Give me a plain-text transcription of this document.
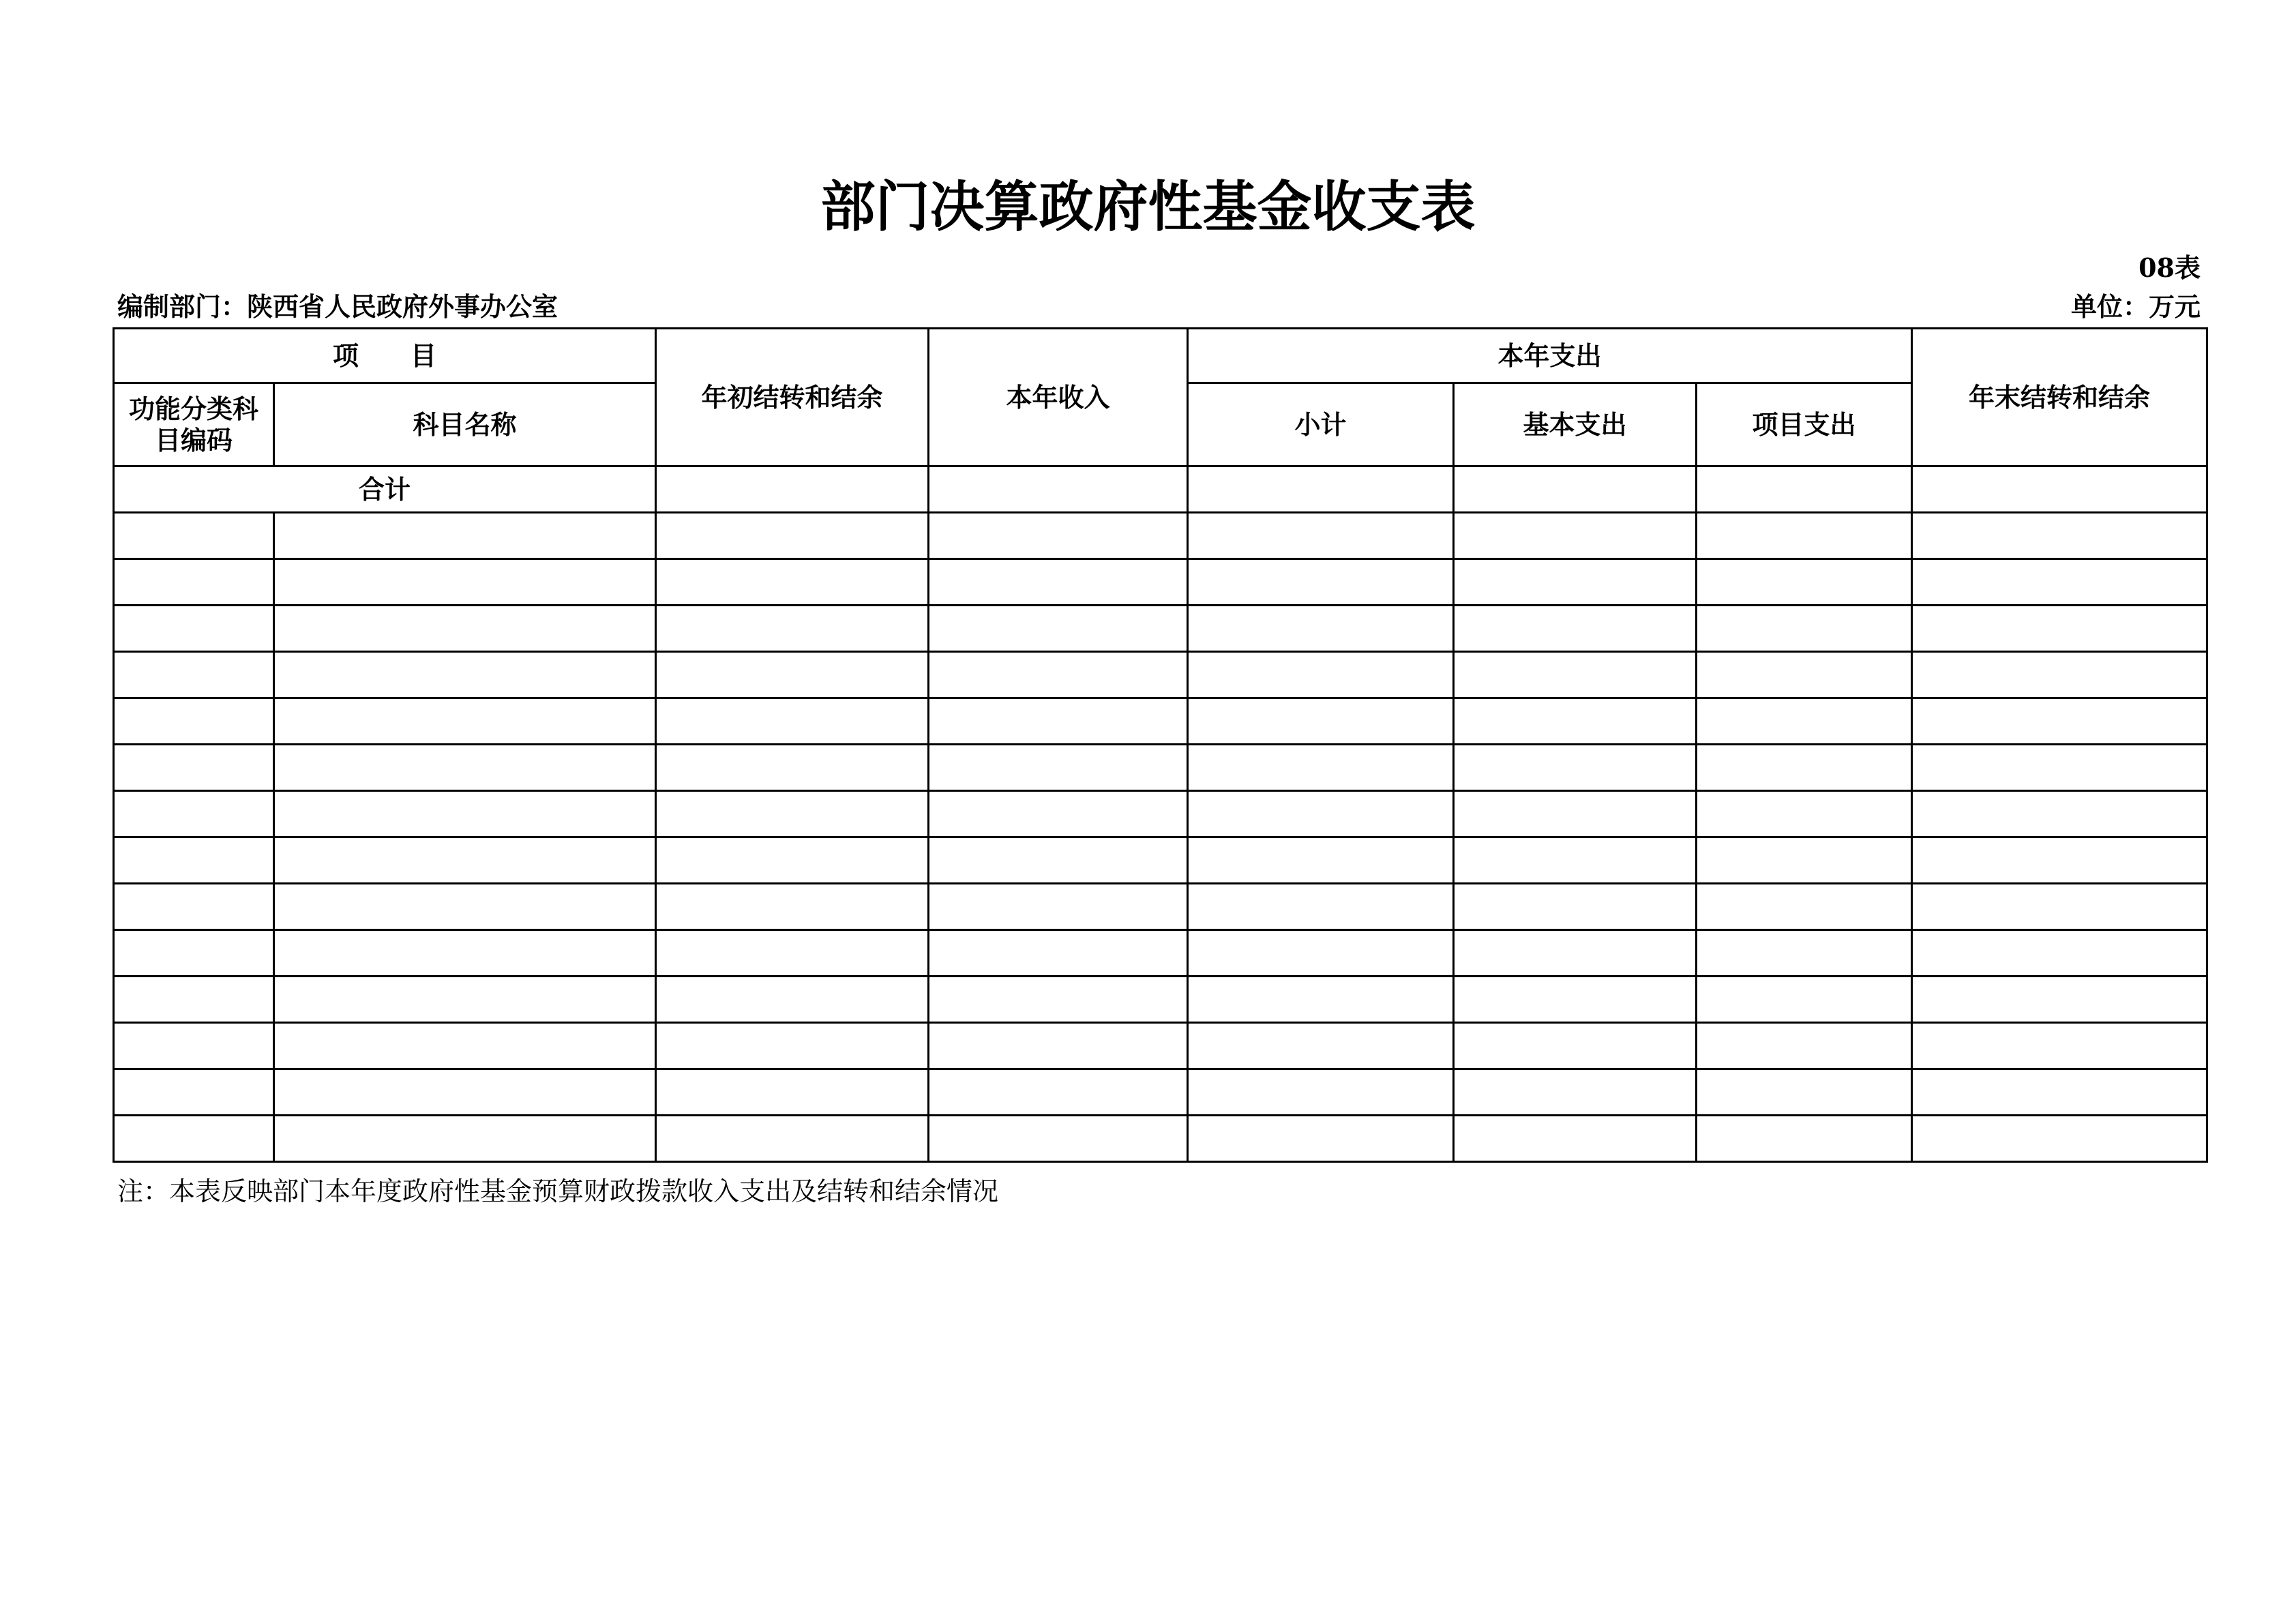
部门决算政府性基金收支表
08表
编制部门：陕西省人民政府外事办公室	单位：万元
项　　目		年初结转和结余	本年收入	本年支出			年末结转和结余
功能分类科目编码	科目名称			小计	基本支出	项目支出	
合计							

注：本表反映部门本年度政府性基金预算财政拨款收入支出及结转和结余情况
